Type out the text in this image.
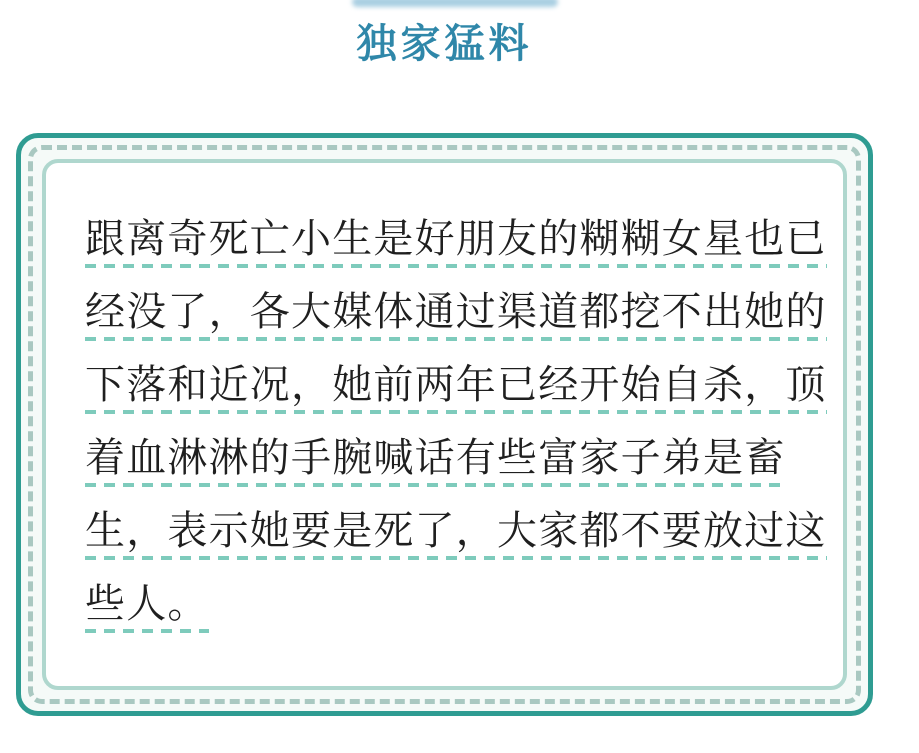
独家猛料
跟离奇死亡小生是好朋友的糊糊女星也已
经没了，各大媒体通过渠道都挖不出她的
下落和近况，她前两年已经开始自杀，顶
着血淋淋的手腕喊话有些富家子弟是畜
生，表示她要是死了，大家都不要放过这
些人。
